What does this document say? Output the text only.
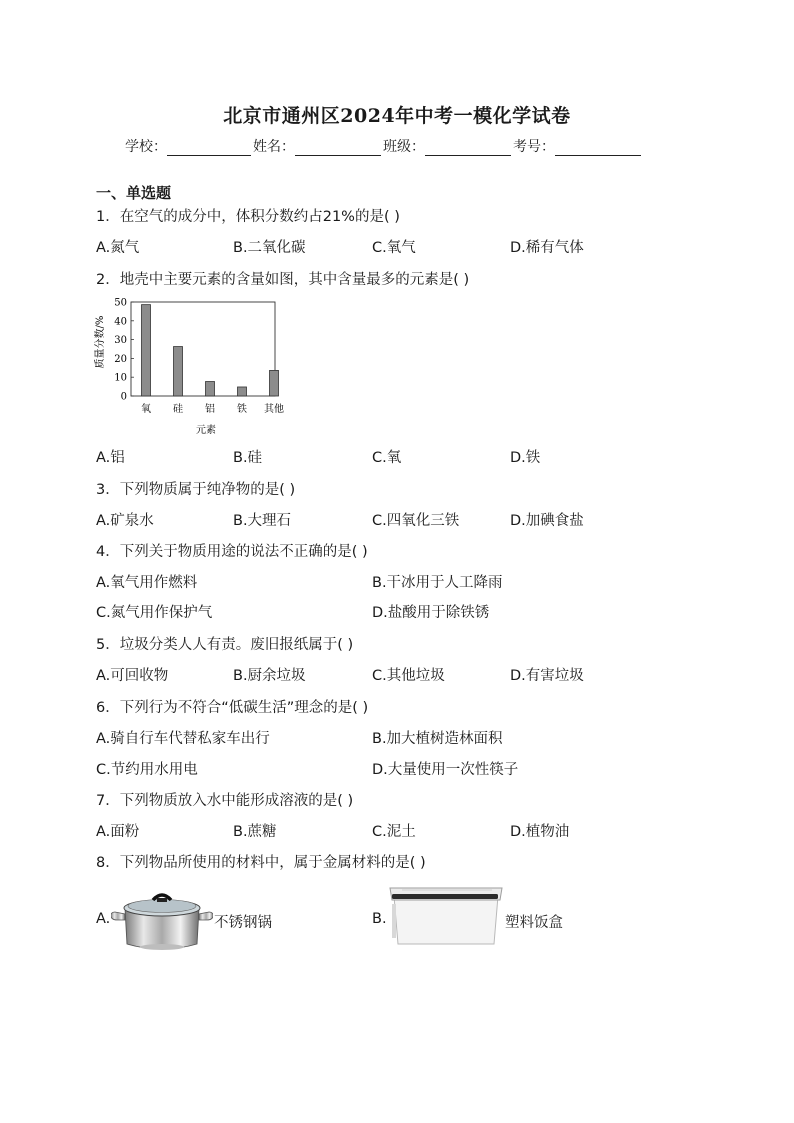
北京市通州区2024年中考一模化学试卷
学校：	姓名：	班级：	考号：
一、单选题
1．在空气的成分中，体积分数约占21%的是( )
A.氮气	B.二氧化碳	C.氧气	D.稀有气体
2．地壳中主要元素的含量如图，其中含量最多的元素是( )
0
10
20
30
40
50
氧 硅 铝 铁 其他
质量分数/%
元素
A.铝	B.硅	C.氧	D.铁
3．下列物质属于纯净物的是( )
A.矿泉水	B.大理石	C.四氧化三铁	D.加碘食盐
4．下列关于物质用途的说法不正确的是( )
A.氧气用作燃料	B.干冰用于人工降雨
C.氮气用作保护气	D.盐酸用于除铁锈
5．垃圾分类人人有责。废旧报纸属于( )
A.可回收物	B.厨余垃圾	C.其他垃圾	D.有害垃圾
6．下列行为不符合“低碳生活”理念的是( )
A.骑自行车代替私家车出行	B.加大植树造林面积
C.节约用水用电	D.大量使用一次性筷子
7．下列物质放入水中能形成溶液的是( )
A.面粉	B.蔗糖	C.泥土	D.植物油
8．下列物品所使用的材料中，属于金属材料的是( )
A.	不锈钢锅	B.	塑料饭盒
